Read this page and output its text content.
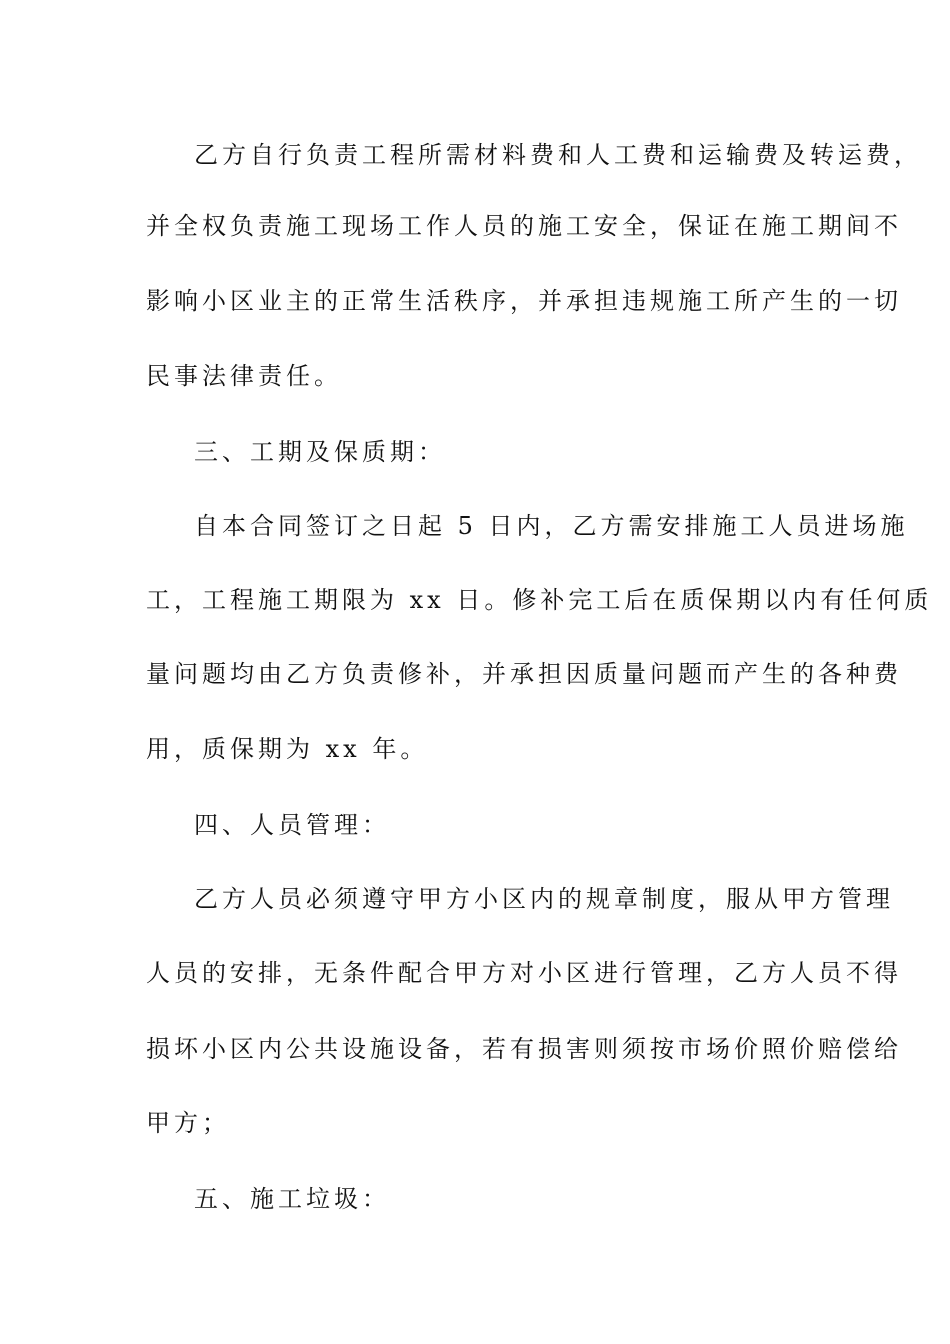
乙方自行负责工程所需材料费和人工费和运输费及转运费，
并全权负责施工现场工作人员的施工安全，保证在施工期间不
影响小区业主的正常生活秩序，并承担违规施工所产生的一切
民事法律责任。
三、工期及保质期：
自本合同签订之日起 5 日内，乙方需安排施工人员进场施
工，工程施工期限为 xx 日。修补完工后在质保期以内有任何质
量问题均由乙方负责修补，并承担因质量问题而产生的各种费
用，质保期为 xx 年。
四、人员管理：
乙方人员必须遵守甲方小区内的规章制度，服从甲方管理
人员的安排，无条件配合甲方对小区进行管理，乙方人员不得
损坏小区内公共设施设备，若有损害则须按市场价照价赔偿给
甲方；
五、施工垃圾：
